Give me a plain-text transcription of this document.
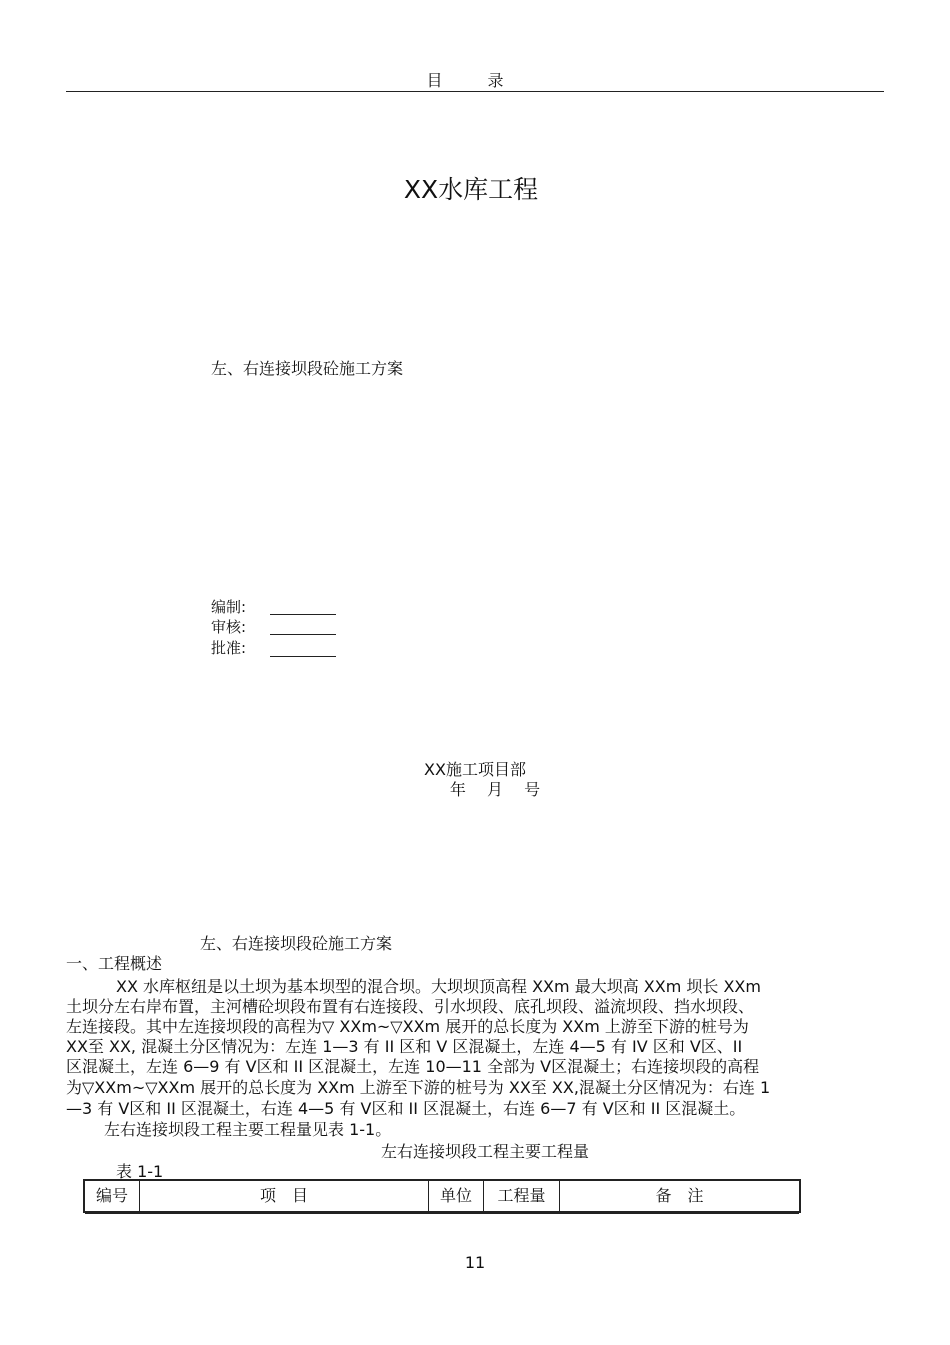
目 录
XX水库工程
左、右连接坝段砼施工方案
编制:
审核:
批准:
XX施工项目部
年 月 号
左、右连接坝段砼施工方案
一、工程概述
XX 水库枢纽是以土坝为基本坝型的混合坝。大坝坝顶高程 XXm 最大坝高 XXm 坝长 XXm
土坝分左右岸布置，主河槽砼坝段布置有右连接段、引水坝段、底孔坝段、溢流坝段、挡水坝段、
左连接段。其中左连接坝段的高程为▽ XXm~▽XXm 展开的总长度为 XXm 上游至下游的桩号为
XX至 XX, 混凝土分区情况为：左连 1—3 有 II 区和 V 区混凝土，左连 4—5 有 IV 区和 V区、II
区混凝土，左连 6—9 有 V区和 II 区混凝土，左连 10—11 全部为 V区混凝土；右连接坝段的高程
为▽XXm~▽XXm 展开的总长度为 XXm 上游至下游的桩号为 XX至 XX,混凝土分区情况为：右连 1
—3 有 V区和 II 区混凝土，右连 4—5 有 V区和 II 区混凝土，右连 6—7 有 V区和 II 区混凝土。
左右连接坝段工程主要工程量见表 1-1。
左右连接坝段工程主要工程量
表 1-1
编号	项　目	单位	工程量	备　注
11
